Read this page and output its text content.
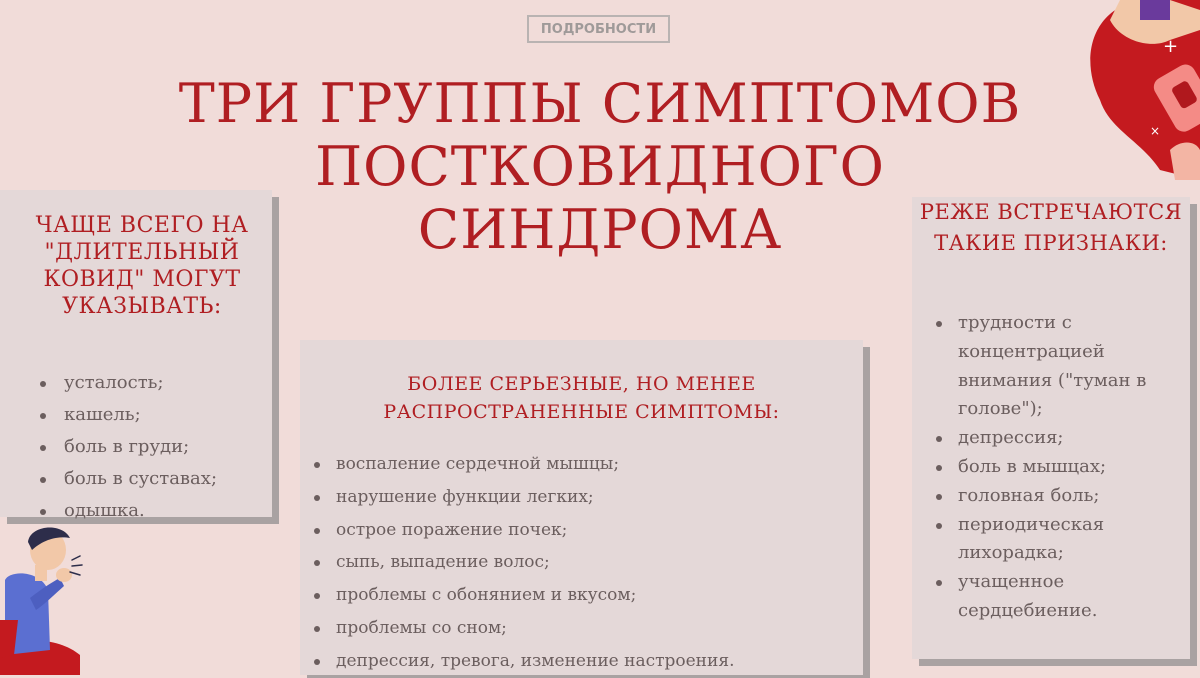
ПОДРОБНОСТИ
ТРИ ГРУППЫ СИМПТОМОВ
ПОСТКОВИДНОГО
СИНДРОМА
+
×
ЧАЩЕ ВСЕГО НА "ДЛИТЕЛЬНЫЙ КОВИД" МОГУТ УКАЗЫВАТЬ:
усталость;
кашель;
боль в груди;
боль в суставах;
одышка.
БОЛЕЕ СЕРЬЕЗНЫЕ, НО МЕНЕЕ
РАСПРОСТРАНЕННЫЕ СИМПТОМЫ:
воспаление сердечной мышцы;
нарушение функции легких;
острое поражение почек;
сыпь, выпадение волос;
проблемы с обонянием и вкусом;
проблемы со сном;
депрессия, тревога, изменение настроения.
РЕЖЕ ВСТРЕЧАЮТСЯ ТАКИЕ ПРИЗНАКИ:
трудности с концентрацией внимания ("туман в голове");
депрессия;
боль в мышцах;
головная боль;
периодическая лихорадка;
учащенное сердцебиение.
